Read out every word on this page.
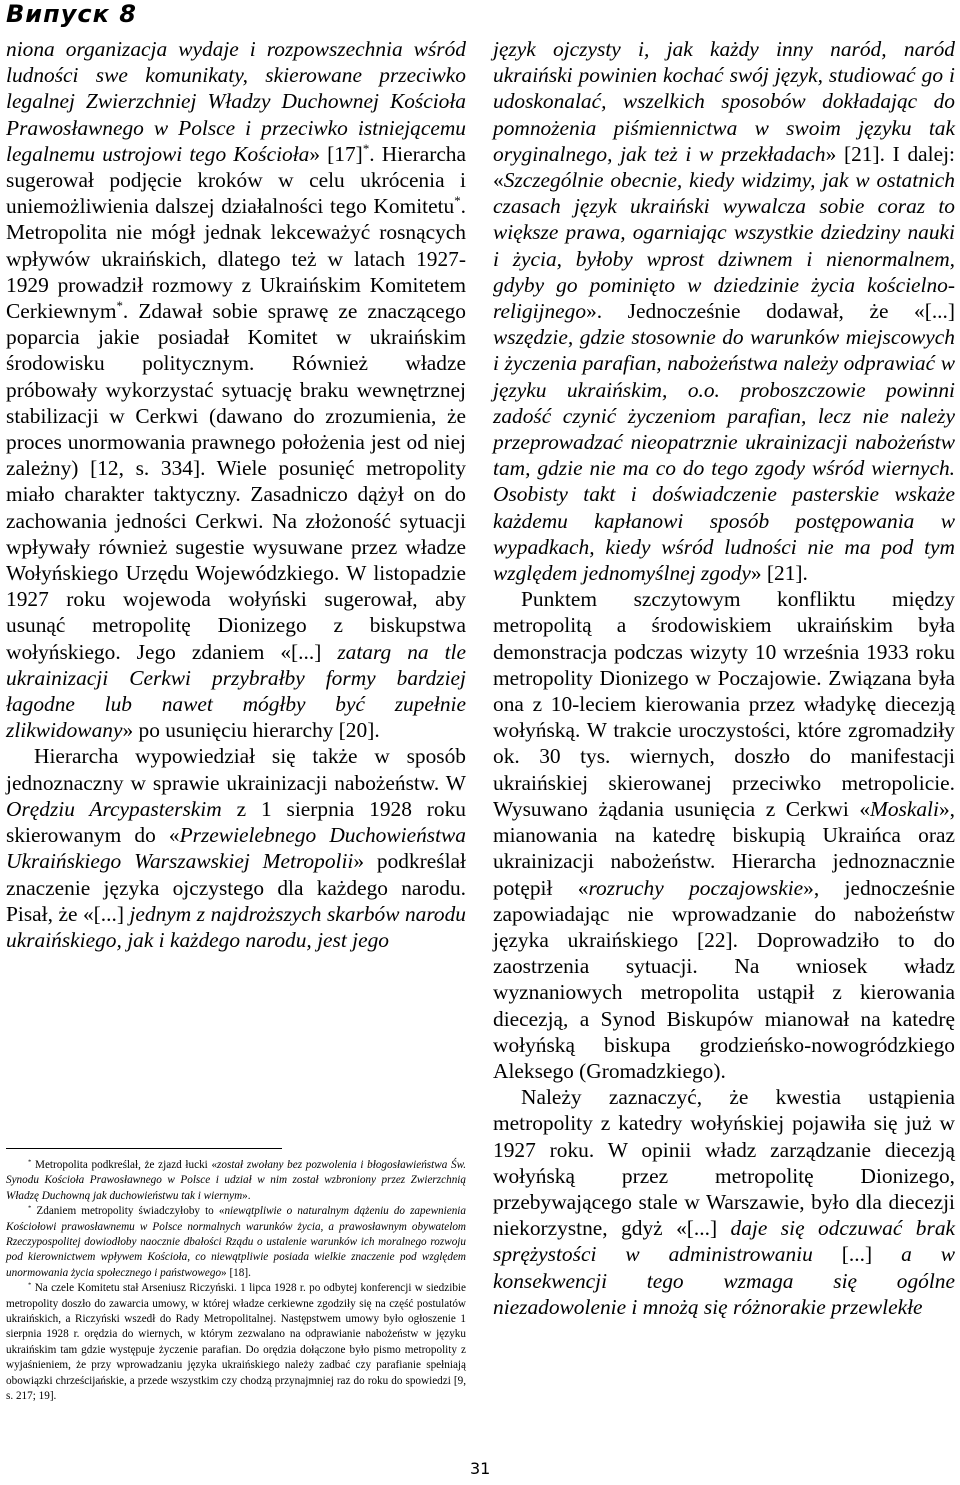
Випуск 8

niona organizacja wydaje i rozpowszechnia wśród ludności swe komunikaty, skierowane przeciwko legalnej Zwierzchniej Władzy Duchownej Kościoła Prawosławnego w Polsce i przeciwko istniejącemu legalnemu ustrojowi tego Kościoła» [17]*. Hierarcha sugerował podjęcie kroków w celu ukrócenia i uniemożliwienia dalszej działalności tego Komitetu*. Metropolita nie mógł jednak lekceważyć rosnących wpływów ukraińskich, dlatego też w latach 1927-1929 prowadził rozmowy z Ukraińskim Komitetem Cerkiewnym*. Zdawał sobie sprawę ze znaczącego poparcia jakie posiadał Komitet w ukraińskim środowisku politycznym. Również władze próbowały wykorzystać sytuację braku wewnętrznej stabilizacji w Cerkwi (dawano do zrozumienia, że proces unormowania prawnego położenia jest od niej zależny) [12, s. 334]. Wiele posunięć metropolity miało charakter taktyczny. Zasadniczo dążył on do zachowania jedności Cerkwi. Na złożoność sytuacji wpływały również sugestie wysuwane przez władze Wołyńskiego Urzędu Wojewódzkiego. W listopadzie 1927 roku wojewoda wołyński sugerował, aby usunąć metropolitę Dionizego z biskupstwa wołyńskiego. Jego zdaniem «[...] zatarg na tle ukrainizacji Cerkwi przybrałby formy bardziej łagodne lub nawet mógłby być zupełnie zlikwidowany» po usunięciu hierarchy [20].

Hierarcha wypowiedział się także w sposób jednoznaczny w sprawie ukrainizacji nabożeństw. W Orędziu Arcypasterskim z 1 sierpnia 1928 roku skierowanym do «Przewielebnego Duchowieństwa Ukraińskiego Warszawskiej Metropolii» podkreślał znaczenie języka ojczystego dla każdego narodu. Pisał, że «[...] jednym z najdroższych skarbów narodu ukraińskiego, jak i każdego narodu, jest jego

język ojczysty i, jak każdy inny naród, naród ukraiński powinien kochać swój język, studiować go i udoskonalać, wszelkich sposobów dokładając do pomnożenia piśmiennictwa w swoim języku tak oryginalnego, jak też i w przekładach» [21]. I dalej: «Szczególnie obecnie, kiedy widzimy, jak w ostatnich czasach język ukraiński wywalcza sobie coraz to większe prawa, ogarniając wszystkie dziedziny nauki i życia, byłoby wprost dziwnem i nienormalnem, gdyby go pominięto w dziedzinie życia kościelno-religijnego». Jednocześnie dodawał, że «[...] wszędzie, gdzie stosownie do warunków miejscowych i życzenia parafian, nabożeństwa należy odprawiać w języku ukraińskim, o.o. proboszczowie powinni zadość czynić życzeniom parafian, lecz nie należy przeprowadzać nieopatrznie ukrainizacji nabożeństw tam, gdzie nie ma co do tego zgody wśród wiernych. Osobisty takt i doświadczenie pasterskie wskaże każdemu kapłanowi sposób postępowania w wypadkach, kiedy wśród ludności nie ma pod tym względem jednomyślnej zgody» [21].

Punktem szczytowym konfliktu między metropolitą a środowiskiem ukraińskim była demonstracja podczas wizyty 10 września 1933 roku metropolity Dionizego w Poczajowie. Związana była ona z 10-leciem kierowania przez władykę diecezją wołyńską. W trakcie uroczystości, które zgromadziły ok. 30 tys. wiernych, doszło do manifestacji ukraińskiej skierowanej przeciwko metropolicie. Wysuwano żądania usunięcia z Cerkwi «Moskali», mianowania na katedrę biskupią Ukraińca oraz ukrainizacji nabożeństw. Hierarcha jednoznacznie potępił «rozruchy poczajowskie», jednocześnie zapowiadając nie wprowadzanie do nabożeństw języka ukraińskiego [22]. Doprowadziło to do zaostrzenia sytuacji. Na wniosek władz wyznaniowych metropolita ustąpił z kierowania diecezją, a Synod Biskupów mianował na katedrę wołyńską biskupa grodzieńsko-nowogródzkiego Aleksego (Gromadzkiego).

Należy zaznaczyć, że kwestia ustąpienia metropolity z katedry wołyńskiej pojawiła się już w 1927 roku. W opinii władz zarządzanie diecezją wołyńską przez metropolitę Dionizego, przebywającego stale w Warszawie, było dla diecezji niekorzystne, gdyż «[...] daje się odczuwać brak sprężystości w administrowaniu [...] a w konsekwencji tego wzmaga się ogólne niezadowolenie i mnożą się różnorakie przewlekłe

* Metropolita podkreślał, że zjazd łucki «został zwołany bez pozwolenia i błogosławieństwa Św. Synodu Kościoła Prawosławnego w Polsce i udział w nim został wzbroniony przez Zwierzchnią Władzę Duchowną jak duchowieństwu tak i wiernym».

* Zdaniem metropolity świadczyłoby to «niewątpliwie o naturalnym dążeniu do zapewnienia Kościołowi prawosławnemu w Polsce normalnych warunków życia, a prawosławnym obywatelom Rzeczypospolitej dowiodłoby naocznie dbałości Rządu o ustalenie warunków ich moralnego rozwoju pod kierownictwem wpływem Kościoła, co niewątpliwie posiada wielkie znaczenie pod względem unormowania życia społecznego i państwowego» [18].

* Na czele Komitetu stał Arseniusz Riczyński. 1 lipca 1928 r. po odbytej konferencji w siedzibie metropolity doszło do zawarcia umowy, w której władze cerkiewne zgodziły się na część postulatów ukraińskich, a Riczyński wszedł do Rady Metropolitalnej. Następstwem umowy było ogłoszenie 1 sierpnia 1928 r. orędzia do wiernych, w którym zezwalano na odprawianie nabożeństw w języku ukraińskim tam gdzie występuje życzenie parafian. Do orędzia dołączone było pismo metropolity z wyjaśnieniem, że przy wprowadzaniu języka ukraińskiego należy zadbać czy parafianie spełniają obowiązki chrześcijańskie, a przede wszystkim czy chodzą przynajmniej raz do roku do spowiedzi [9, s. 217; 19].

31
